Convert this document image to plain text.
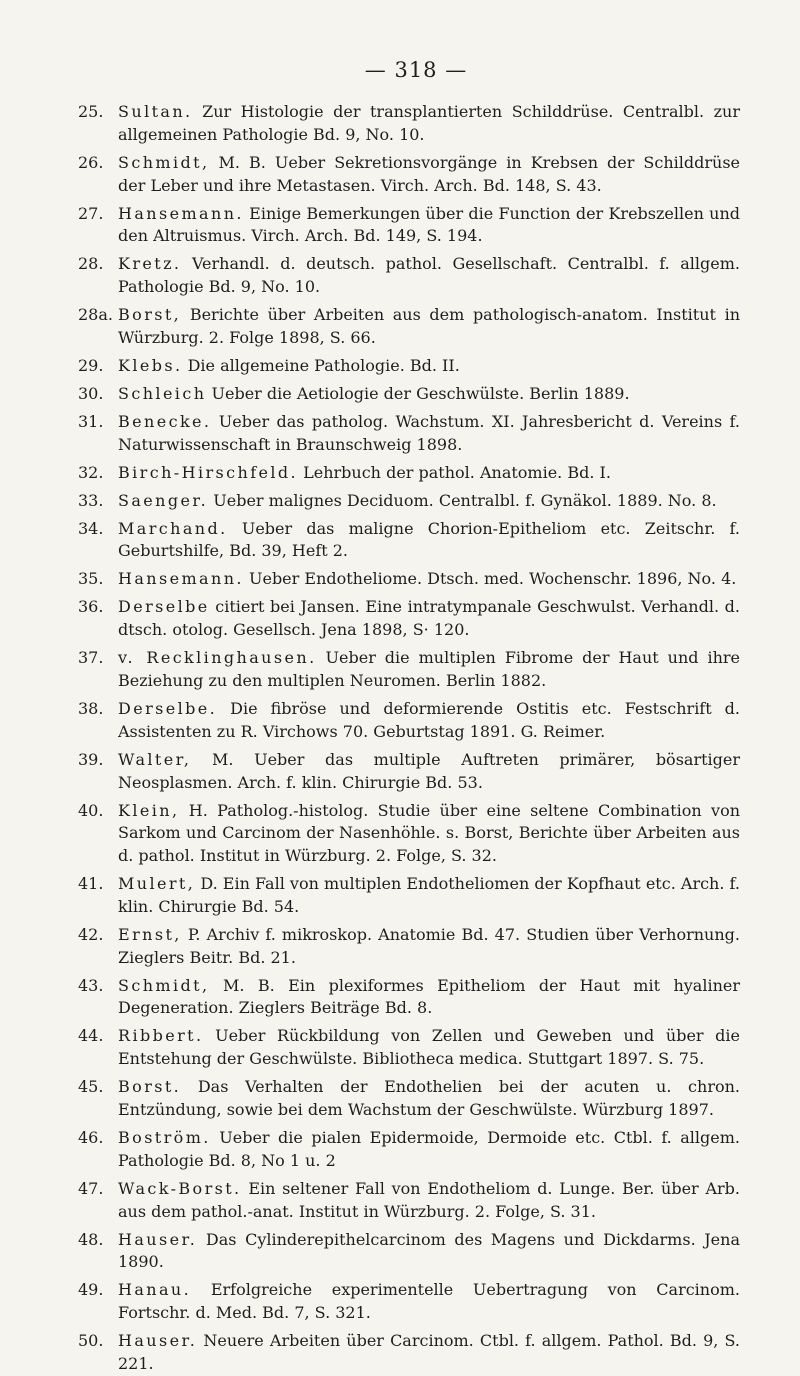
— 318 —
25. Sultan. Zur Histologie der transplantierten Schilddrüse. Centralbl. zur allgemeinen Pathologie Bd. 9, No. 10.
26. Schmidt, M. B. Ueber Sekretionsvorgänge in Krebsen der Schilddrüse der Leber und ihre Metastasen. Virch. Arch. Bd. 148, S. 43.
27. Hansemann. Einige Bemerkungen über die Function der Krebszellen und den Altruismus. Virch. Arch. Bd. 149, S. 194.
28. Kretz. Verhandl. d. deutsch. pathol. Gesellschaft. Centralbl. f. allgem. Pathologie Bd. 9, No. 10.
28a. Borst, Berichte über Arbeiten aus dem pathologisch-anatom. Institut in Würzburg. 2. Folge 1898, S. 66.
29. Klebs. Die allgemeine Pathologie. Bd. II.
30. Schleich Ueber die Aetiologie der Geschwülste. Berlin 1889.
31. Benecke. Ueber das patholog. Wachstum. XI. Jahresbericht d. Vereins f. Naturwissenschaft in Braunschweig 1898.
32. Birch-Hirschfeld. Lehrbuch der pathol. Anatomie. Bd. I.
33. Saenger. Ueber malignes Deciduom. Centralbl. f. Gynäkol. 1889. No. 8.
34. Marchand. Ueber das maligne Chorion-Epitheliom etc. Zeitschr. f. Geburtshilfe, Bd. 39, Heft 2.
35. Hansemann. Ueber Endotheliome. Dtsch. med. Wochenschr. 1896, No. 4.
36. Derselbe citiert bei Jansen. Eine intratympanale Geschwulst. Verhandl. d. dtsch. otolog. Gesellsch. Jena 1898, S· 120.
37. v. Recklinghausen. Ueber die multiplen Fibrome der Haut und ihre Beziehung zu den multiplen Neuromen. Berlin 1882.
38. Derselbe. Die fibröse und deformierende Ostitis etc. Festschrift d. Assistenten zu R. Virchows 70. Geburtstag 1891. G. Reimer.
39. Walter, M. Ueber das multiple Auftreten primärer, bösartiger Neosplasmen. Arch. f. klin. Chirurgie Bd. 53.
40. Klein, H. Patholog.-histolog. Studie über eine seltene Combination von Sarkom und Carcinom der Nasenhöhle. s. Borst, Berichte über Arbeiten aus d. pathol. Institut in Würzburg. 2. Folge, S. 32.
41. Mulert, D. Ein Fall von multiplen Endotheliomen der Kopfhaut etc. Arch. f. klin. Chirurgie Bd. 54.
42. Ernst, P. Archiv f. mikroskop. Anatomie Bd. 47. Studien über Verhornung. Zieglers Beitr. Bd. 21.
43. Schmidt, M. B. Ein plexiformes Epitheliom der Haut mit hyaliner Degeneration. Zieglers Beiträge Bd. 8.
44. Ribbert. Ueber Rückbildung von Zellen und Geweben und über die Entstehung der Geschwülste. Bibliotheca medica. Stuttgart 1897. S. 75.
45. Borst. Das Verhalten der Endothelien bei der acuten u. chron. Entzündung, sowie bei dem Wachstum der Geschwülste. Würzburg 1897.
46. Boström. Ueber die pialen Epidermoide, Dermoide etc. Ctbl. f. allgem. Pathologie Bd. 8, No 1 u. 2
47. Wack-Borst. Ein seltener Fall von Endotheliom d. Lunge. Ber. über Arb. aus dem pathol.-anat. Institut in Würzburg. 2. Folge, S. 31.
48. Hauser. Das Cylinderepithelcarcinom des Magens und Dickdarms. Jena 1890.
49. Hanau. Erfolgreiche experimentelle Uebertragung von Carcinom. Fortschr. d. Med. Bd. 7, S. 321.
50. Hauser. Neuere Arbeiten über Carcinom. Ctbl. f. allgem. Pathol. Bd. 9, S. 221.
